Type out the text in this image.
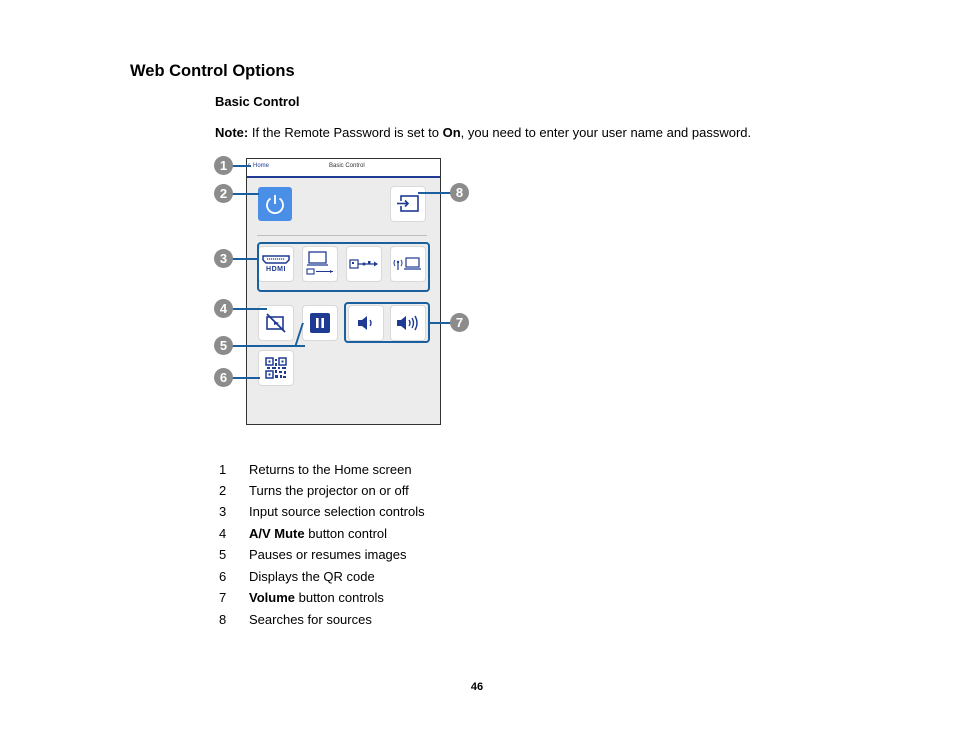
Web Control Options
Basic Control
Note: If the Remote Password is set to On, you need to enter your user name and password.
Home	Basic Control
HDMI
1
2
3
4
5
6
7
8
1 Returns to the Home screen
2 Turns the projector on or off
3 Input source selection controls
4 A/V Mute button control
5 Pauses or resumes images
6 Displays the QR code
7 Volume button controls
8 Searches for sources
46
